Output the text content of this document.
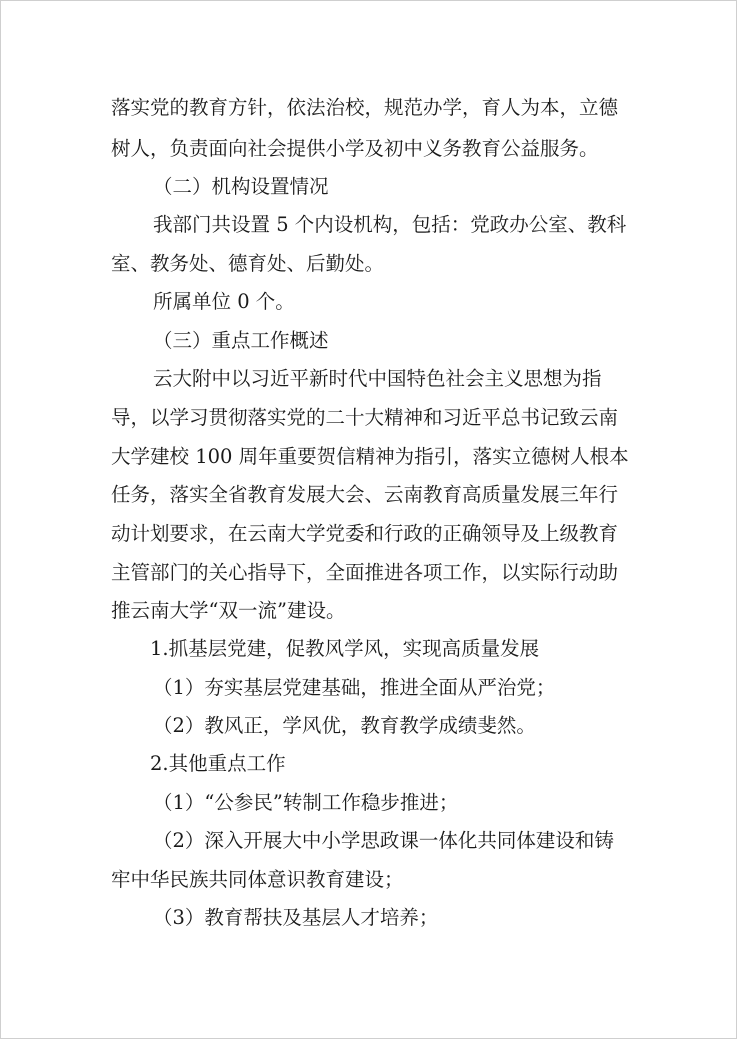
落实党的教育方针，依法治校，规范办学，育人为本，立德
树人，负责面向社会提供小学及初中义务教育公益服务。
（二）机构设置情况
我部门共设置 5 个内设机构，包括：党政办公室、教科
室、教务处、德育处、后勤处。
所属单位 0 个。
（三）重点工作概述
云大附中以习近平新时代中国特色社会主义思想为指
导，以学习贯彻落实党的二十大精神和习近平总书记致云南
大学建校 100 周年重要贺信精神为指引，落实立德树人根本
任务，落实全省教育发展大会、云南教育高质量发展三年行
动计划要求，在云南大学党委和行政的正确领导及上级教育
主管部门的关心指导下，全面推进各项工作，以实际行动助
推云南大学“双一流”建设。
1.抓基层党建，促教风学风，实现高质量发展
（1）夯实基层党建基础，推进全面从严治党；
（2）教风正，学风优，教育教学成绩斐然。
2.其他重点工作
（1）“公参民”转制工作稳步推进；
（2）深入开展大中小学思政课一体化共同体建设和铸
牢中华民族共同体意识教育建设；
（3）教育帮扶及基层人才培养；
